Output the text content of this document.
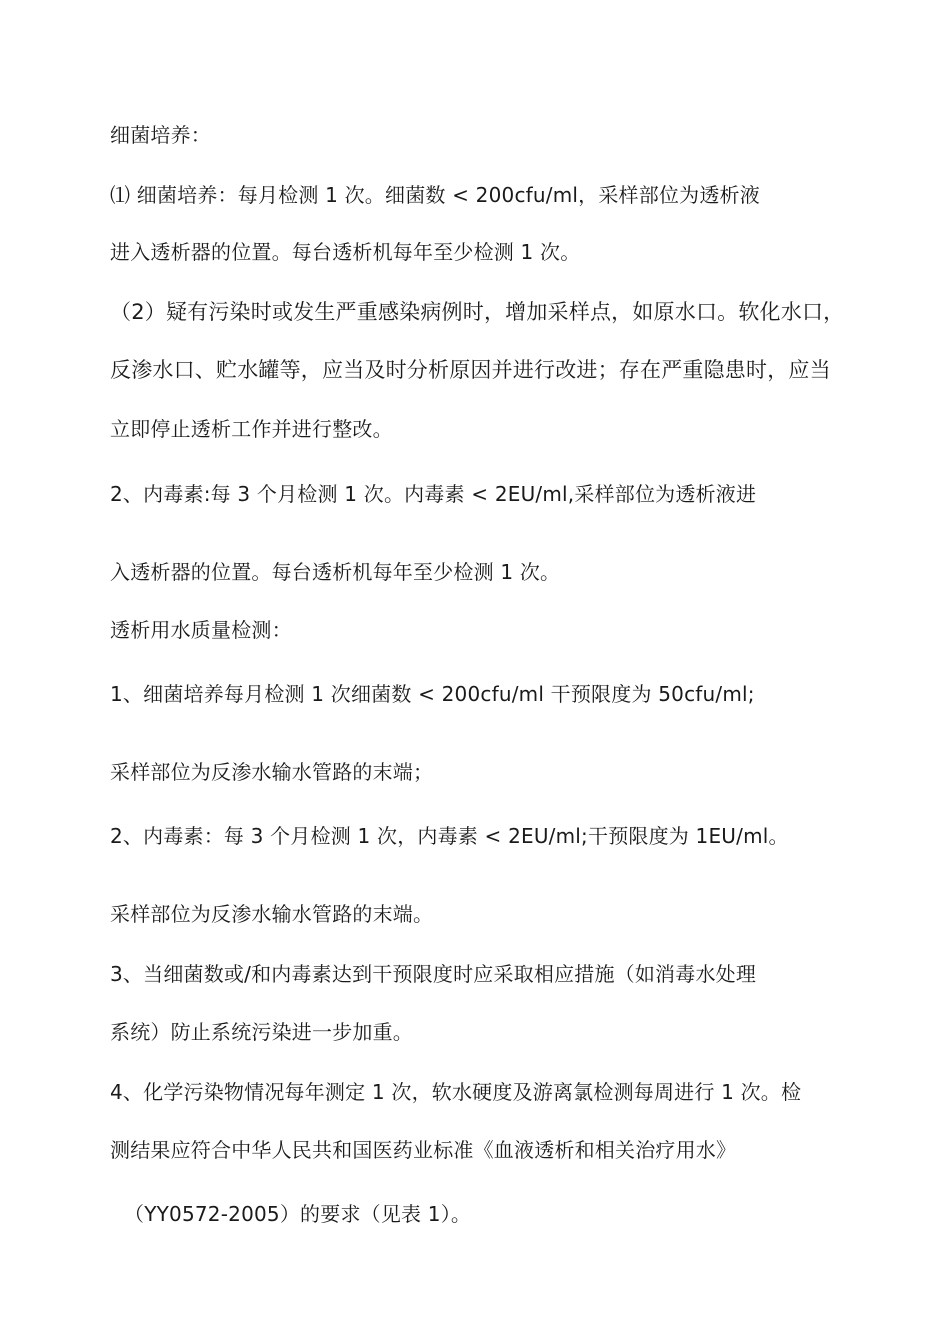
细菌培养：
⑴ 细菌培养：每月检测 1 次。细菌数 < 200cfu/ml，采样部位为透析液
进入透析器的位置。每台透析机每年至少检测 1 次。
（2）疑有污染时或发生严重感染病例时，增加采样点，如原水口。软化水口，
反渗水口、贮水罐等，应当及时分析原因并进行改进；存在严重隐患时，应当
立即停止透析工作并进行整改。
2、内毒素:每 3 个月检测 1 次。内毒素 < 2EU/ml,采样部位为透析液进
入透析器的位置。每台透析机每年至少检测 1 次。
透析用水质量检测：
1、细菌培养每月检测 1 次细菌数 < 200cfu/ml 干预限度为 50cfu/ml;
采样部位为反渗水输水管路的末端；
2、内毒素：每 3 个月检测 1 次，内毒素 < 2EU/ml;干预限度为 1EU/ml。
采样部位为反渗水输水管路的末端。
3、当细菌数或/和内毒素达到干预限度时应采取相应措施（如消毒水处理
系统）防止系统污染进一步加重。
4、化学污染物情况每年测定 1 次，软水硬度及游离氯检测每周进行 1 次。检
测结果应符合中华人民共和国医药业标准《血液透析和相关治疗用水》
（YY0572-2005）的要求（见表 1）。
